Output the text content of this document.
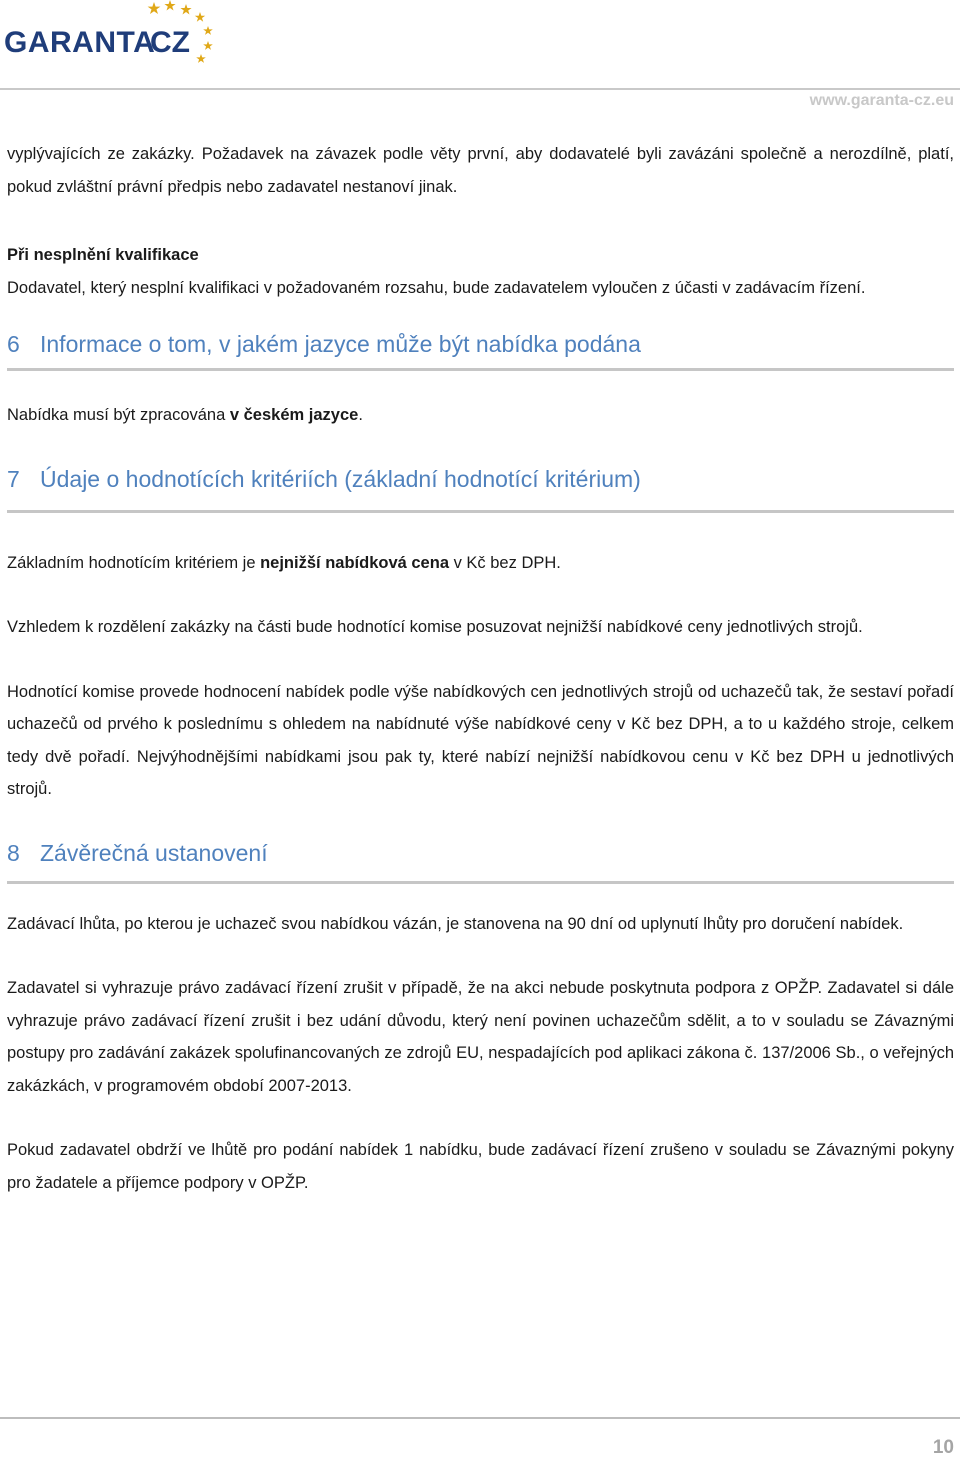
GARANTA
CZ
www.garanta-cz.eu

vyplývajících ze zakázky. Požadavek na závazek podle věty první, aby dodavatelé byli zavázáni společně a nerozdílně, platí, pokud zvláštní právní předpis nebo zadavatel nestanoví jinak.

Při nesplnění kvalifikace

Dodavatel, který nesplní kvalifikaci v požadovaném rozsahu, bude zadavatelem vyloučen z účasti v zadávacím řízení.

6 Informace o tom, v jakém jazyce může být nabídka podána

Nabídka musí být zpracována v českém jazyce.

7 Údaje o hodnotících kritériích (základní hodnotící kritérium)

Základním hodnotícím kritériem je nejnižší nabídková cena v Kč bez DPH.

Vzhledem k rozdělení zakázky na části bude hodnotící komise posuzovat nejnižší nabídkové ceny jednotlivých strojů.

Hodnotící komise provede hodnocení nabídek podle výše nabídkových cen jednotlivých strojů od uchazečů tak, že sestaví pořadí uchazečů od prvého k poslednímu s ohledem na nabídnuté výše nabídkové ceny v Kč bez DPH, a to u každého stroje, celkem tedy dvě pořadí. Nejvýhodnějšími nabídkami jsou pak ty, které nabízí nejnižší nabídkovou cenu v Kč bez DPH u jednotlivých strojů.

8 Závěrečná ustanovení

Zadávací lhůta, po kterou je uchazeč svou nabídkou vázán, je stanovena na 90 dní od uplynutí lhůty pro doručení nabídek.

Zadavatel si vyhrazuje právo zadávací řízení zrušit v případě, že na akci nebude poskytnuta podpora z OPŽP. Zadavatel si dále vyhrazuje právo zadávací řízení zrušit i bez udání důvodu, který není povinen uchazečům sdělit, a to v souladu se Závaznými postupy pro zadávání zakázek spolufinancovaných ze zdrojů EU, nespadajících pod aplikaci zákona č. 137/2006 Sb., o veřejných zakázkách, v programovém období 2007-2013.

Pokud zadavatel obdrží ve lhůtě pro podání nabídek 1 nabídku, bude zadávací řízení zrušeno v souladu se Závaznými pokyny pro žadatele a příjemce podpory v OPŽP.

10
